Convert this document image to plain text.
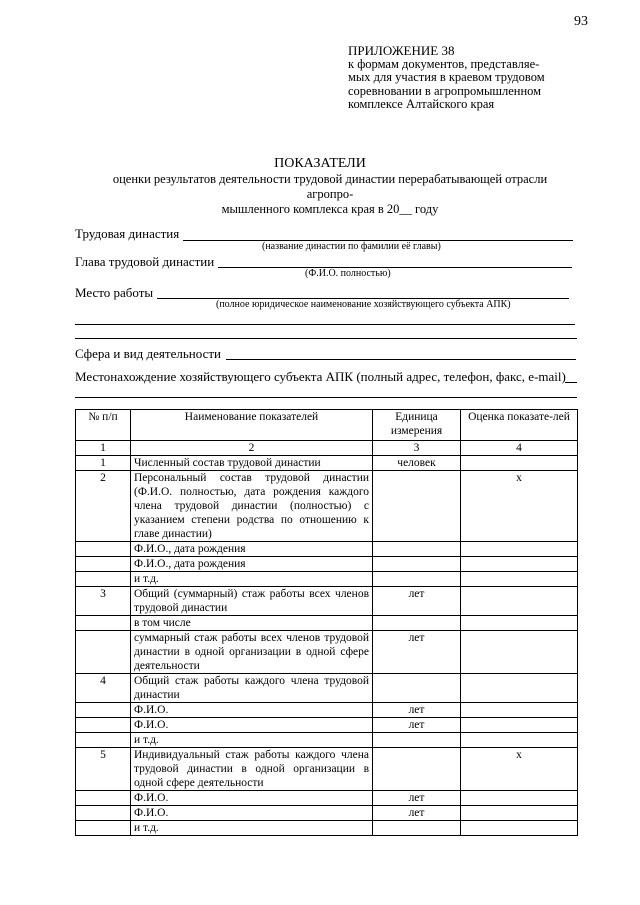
93
ПРИЛОЖЕНИЕ 38
к формам документов, представляе-
мых для участия в краевом трудовом
соревновании в агропромышленном
комплексе Алтайского края
ПОКАЗАТЕЛИ
оценки результатов деятельности трудовой династии перерабатывающей отрасли агропро-
мышленного комплекса края в 20__ году
Трудовая династия
(название династии по фамилии её главы)
Глава трудовой династии
(Ф.И.О. полностью)
Место работы
(полное юридическое наименование хозяйствующего субъекта АПК)
Сфера и вид деятельности
Местонахождение хозяйствующего субъекта АПК (полный адрес, телефон, факс, e-mail)
№ п/п	Наименование показателей	Единица измерения	Оценка показате-лей
1	2	3	4
1	Численный состав трудовой династии	человек	
2	Персональный состав трудовой династии (Ф.И.О. полностью, дата рождения каждого члена трудовой династии (полностью) с указанием степени родства по отношению к главе династии)		х
	Ф.И.О., дата рождения		
	Ф.И.О., дата рождения		
	и т.д.		
3	Общий (суммарный) стаж работы всех членов трудовой династии	лет	
	в том числе		
	суммарный стаж работы всех членов трудовой династии в одной организации в одной сфере деятельности	лет	
4	Общий стаж работы каждого члена трудовой династии		
	Ф.И.О.	лет	
	Ф.И.О.	лет	
	и т.д.		
5	Индивидуальный стаж работы каждого члена трудовой династии в одной организации в одной сфере деятельности		х
	Ф.И.О.	лет	
	Ф.И.О.	лет	
	и т.д.		
